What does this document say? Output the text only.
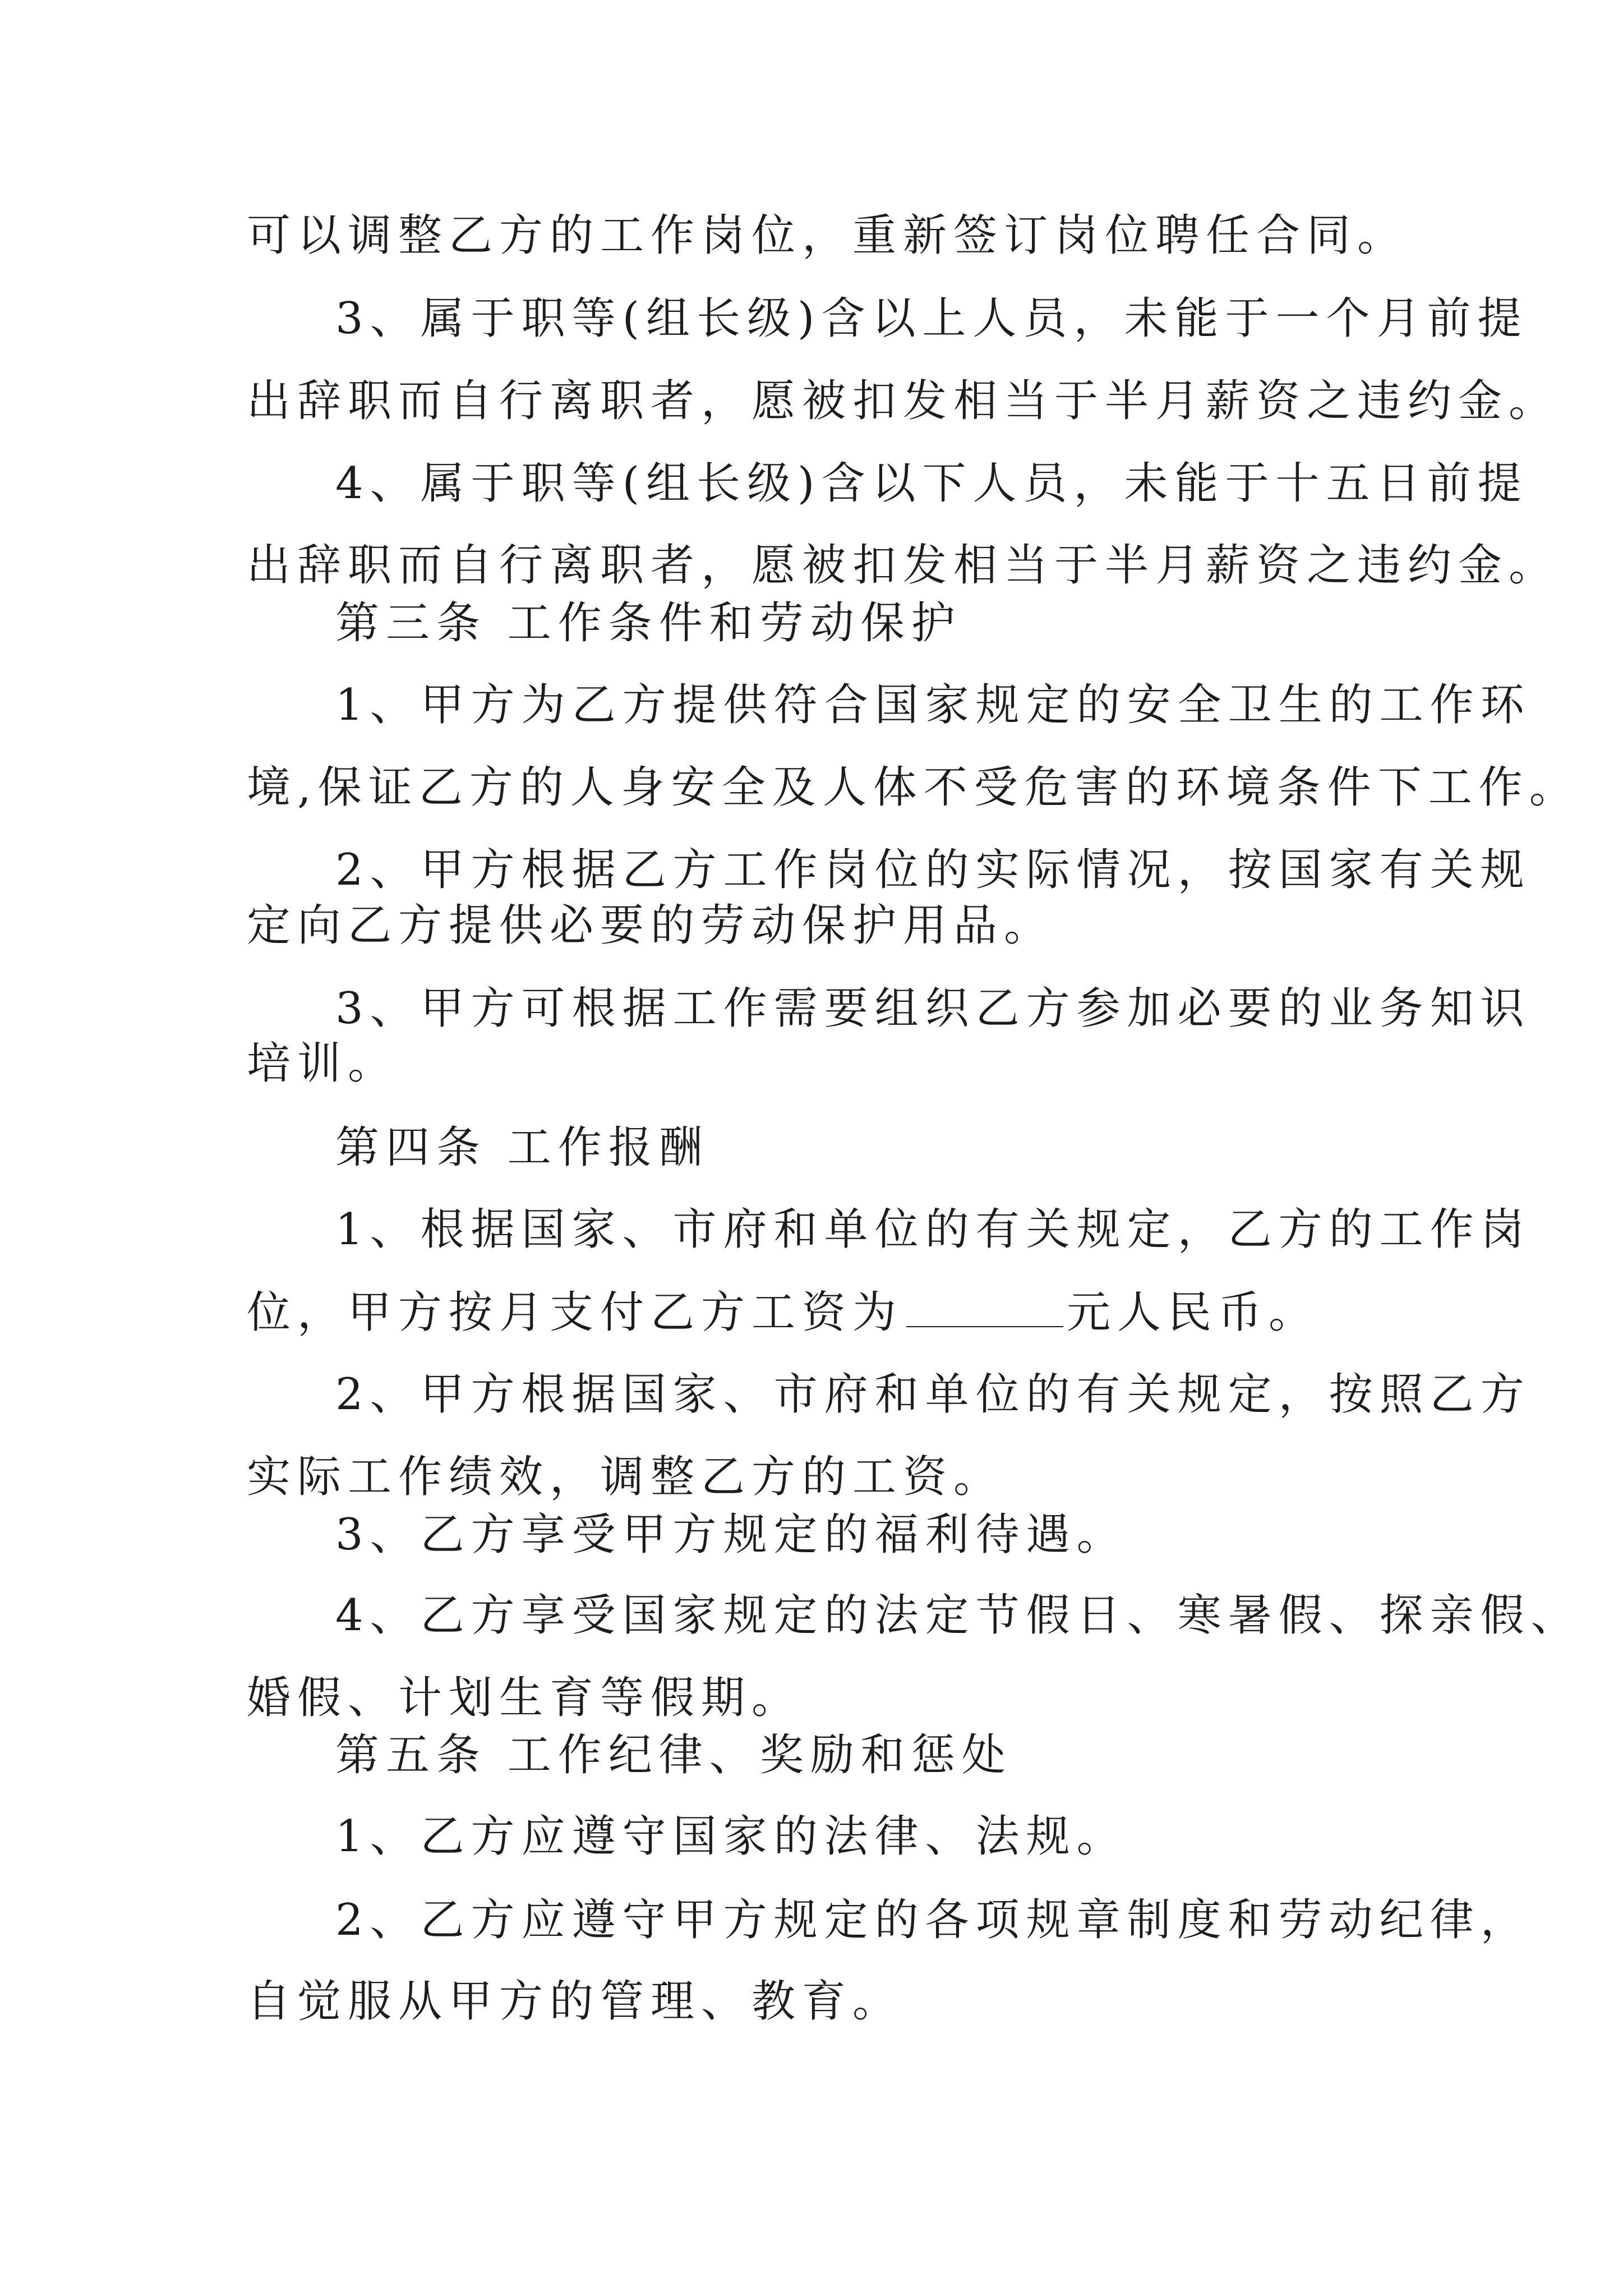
可以调整乙方的工作岗位，重新签订岗位聘任合同。
3、属于职等(组长级)含以上人员，未能于一个月前提
出辞职而自行离职者，愿被扣发相当于半月薪资之违约金。
4、属于职等(组长级)含以下人员，未能于十五日前提
出辞职而自行离职者，愿被扣发相当于半月薪资之违约金。
第三条 工作条件和劳动保护
1、甲方为乙方提供符合国家规定的安全卫生的工作环
境,保证乙方的人身安全及人体不受危害的环境条件下工作。
2、甲方根据乙方工作岗位的实际情况，按国家有关规
定向乙方提供必要的劳动保护用品。
3、甲方可根据工作需要组织乙方参加必要的业务知识
培训。
第四条 工作报酬
1、根据国家、市府和单位的有关规定，乙方的工作岗
位，甲方按月支付乙方工资为	元人民币。
2、甲方根据国家、市府和单位的有关规定，按照乙方
实际工作绩效，调整乙方的工资。
3、乙方享受甲方规定的福利待遇。
4、乙方享受国家规定的法定节假日、寒暑假、探亲假、
婚假、计划生育等假期。
第五条 工作纪律、奖励和惩处
1、乙方应遵守国家的法律、法规。
2、乙方应遵守甲方规定的各项规章制度和劳动纪律，
自觉服从甲方的管理、教育。
